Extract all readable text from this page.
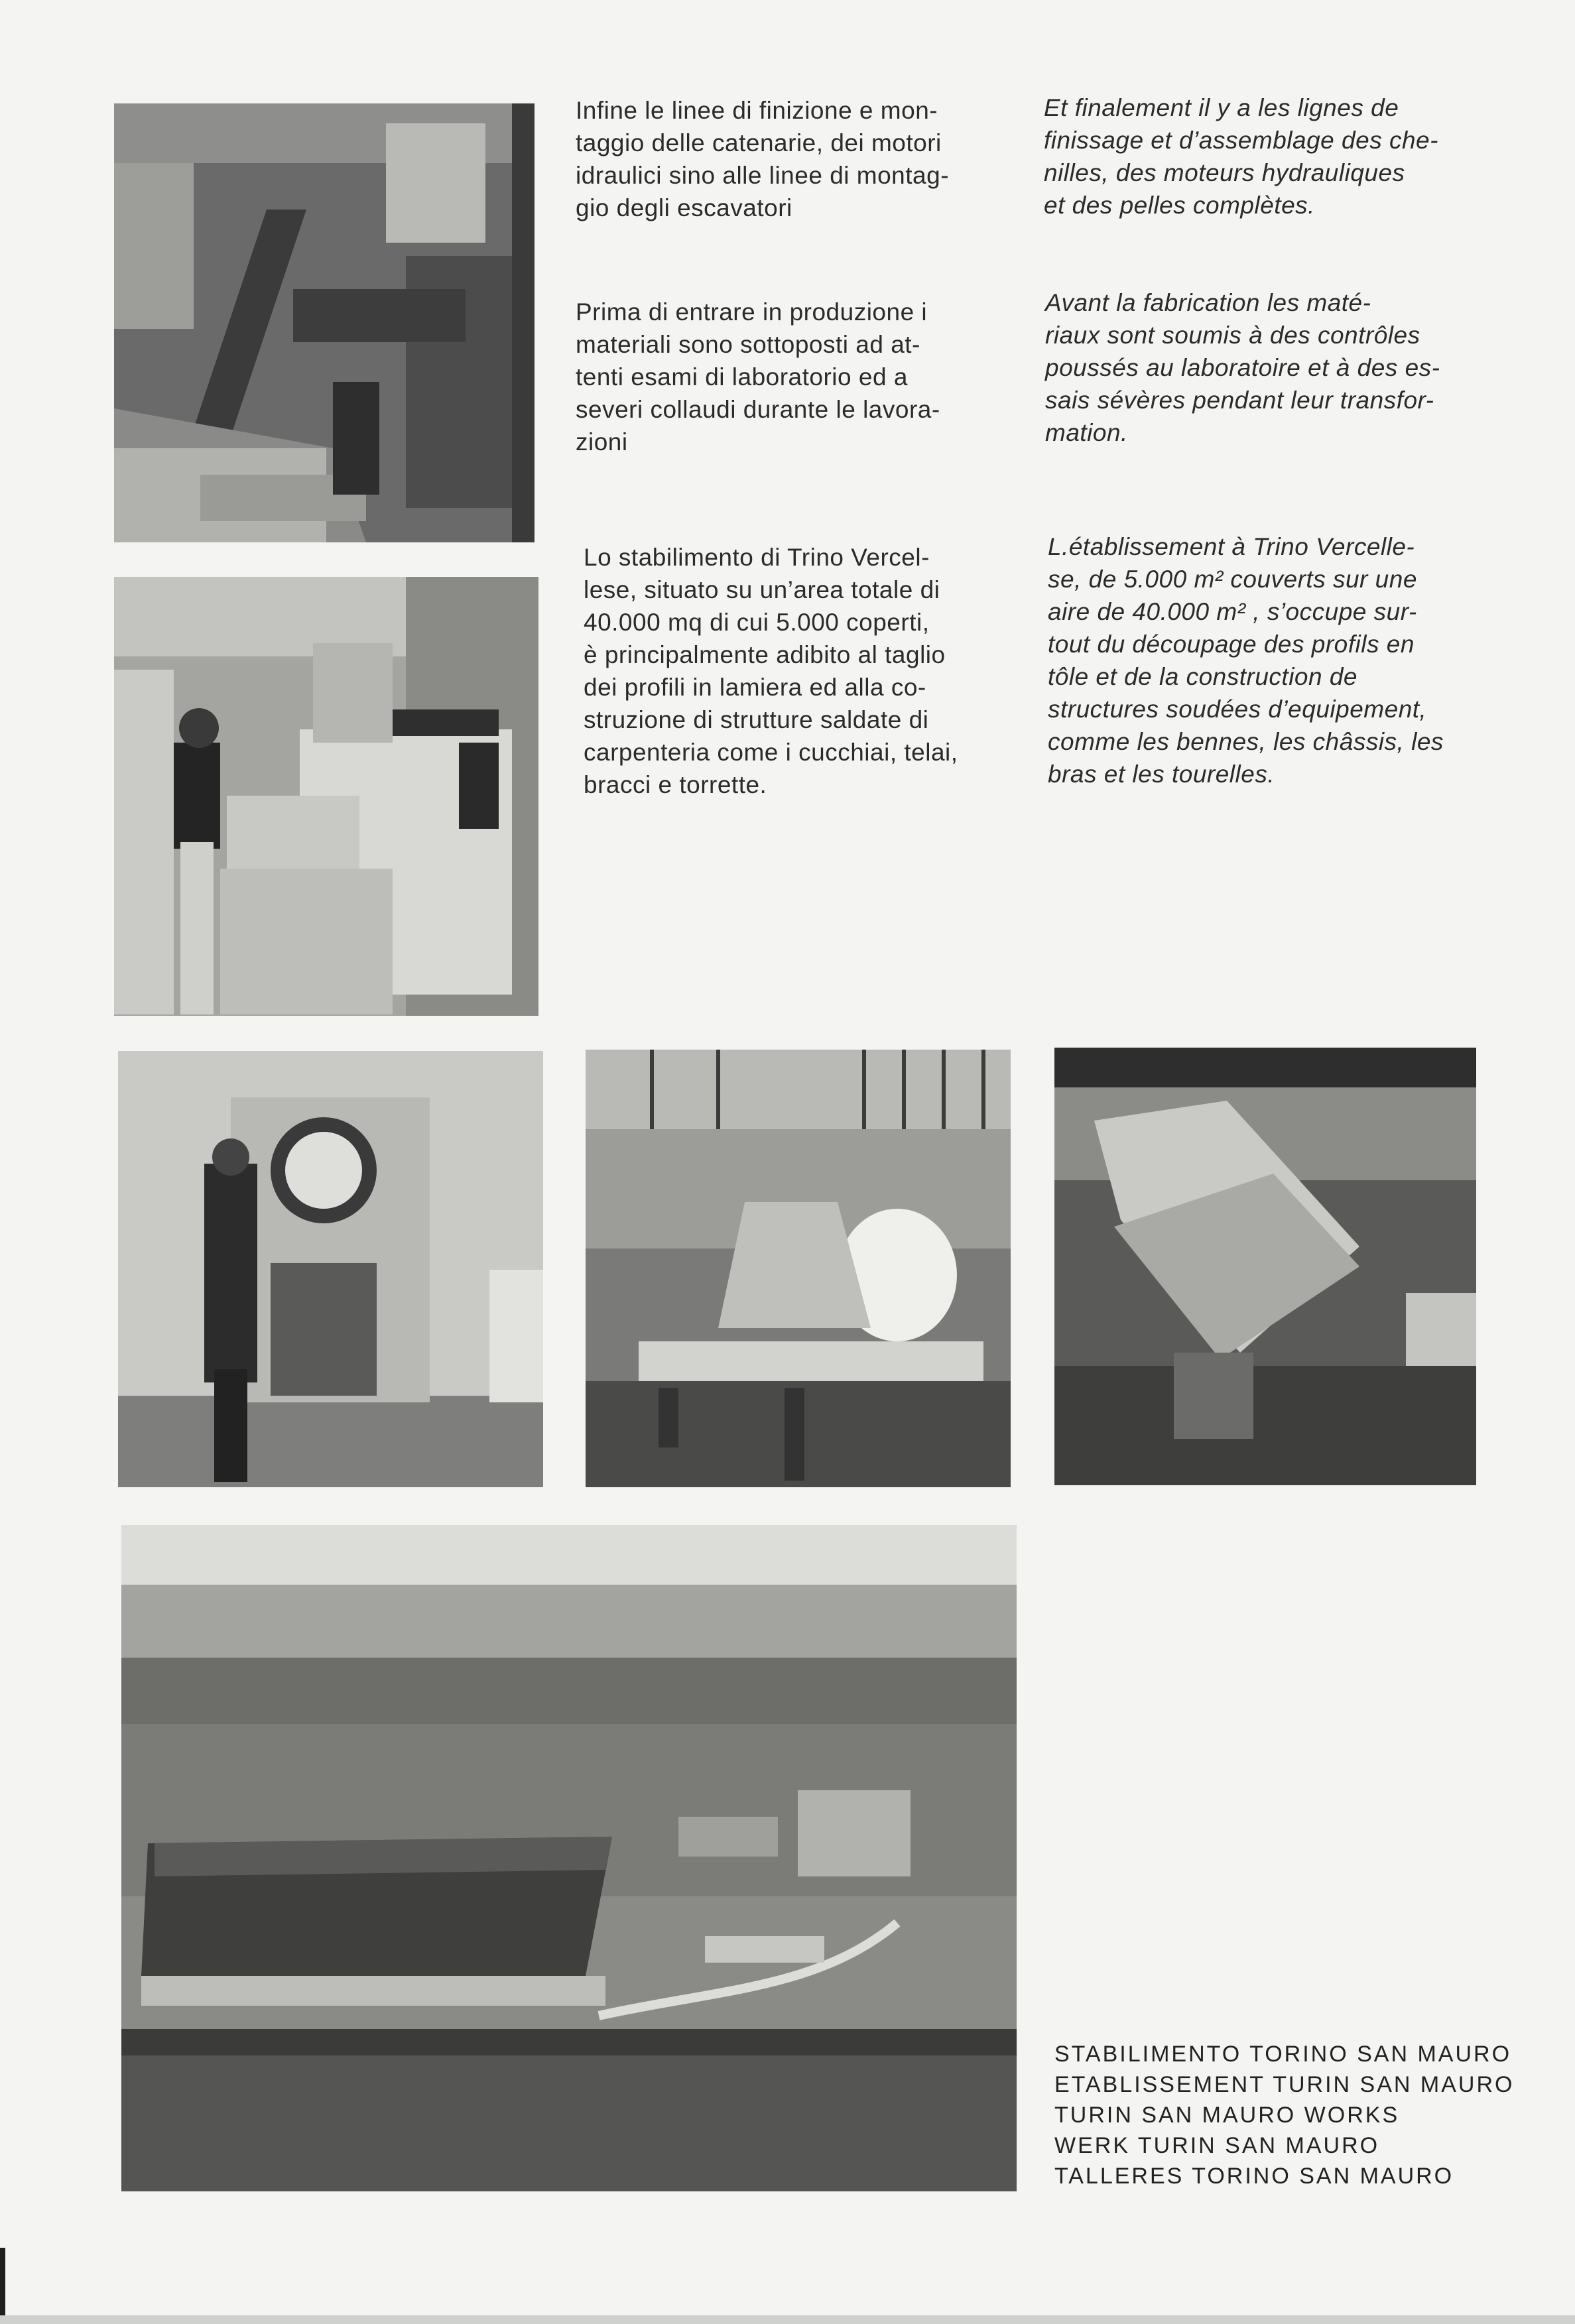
Infine le linee di finizione e mon-
taggio delle catenarie, dei motori
idraulici sino alle linee di montag-
gio degli escavatori
Et finalement il y a les lignes de
finissage et d’assemblage des che-
nilles, des moteurs hydrauliques
et des pelles complètes.
Prima di entrare in produzione i
materiali sono sottoposti ad at-
tenti esami di laboratorio ed a
severi collaudi durante le lavora-
zioni
Avant la fabrication les maté-
riaux sont soumis à des contrôles
poussés au laboratoire et à des es-
sais sévères pendant leur transfor-
mation.
Lo stabilimento di Trino Vercel-
lese, situato su un’area totale di
40.000 mq di cui 5.000 coperti,
è principalmente adibito al taglio
dei profili in lamiera ed alla co-
struzione di strutture saldate di
carpenteria come i cucchiai, telai,
bracci e torrette.
L.établissement à Trino Vercelle-
se, de 5.000 m² couverts sur une
aire de 40.000 m² , s’occupe sur-
tout du découpage des profils en
tôle et de la construction de
structures soudées d’equipement,
comme les bennes, les châssis, les
bras et les tourelles.
STABILIMENTO TORINO SAN MAURO
ETABLISSEMENT TURIN SAN MAURO
TURIN SAN MAURO WORKS
WERK TURIN SAN MAURO
TALLERES TORINO SAN MAURO
